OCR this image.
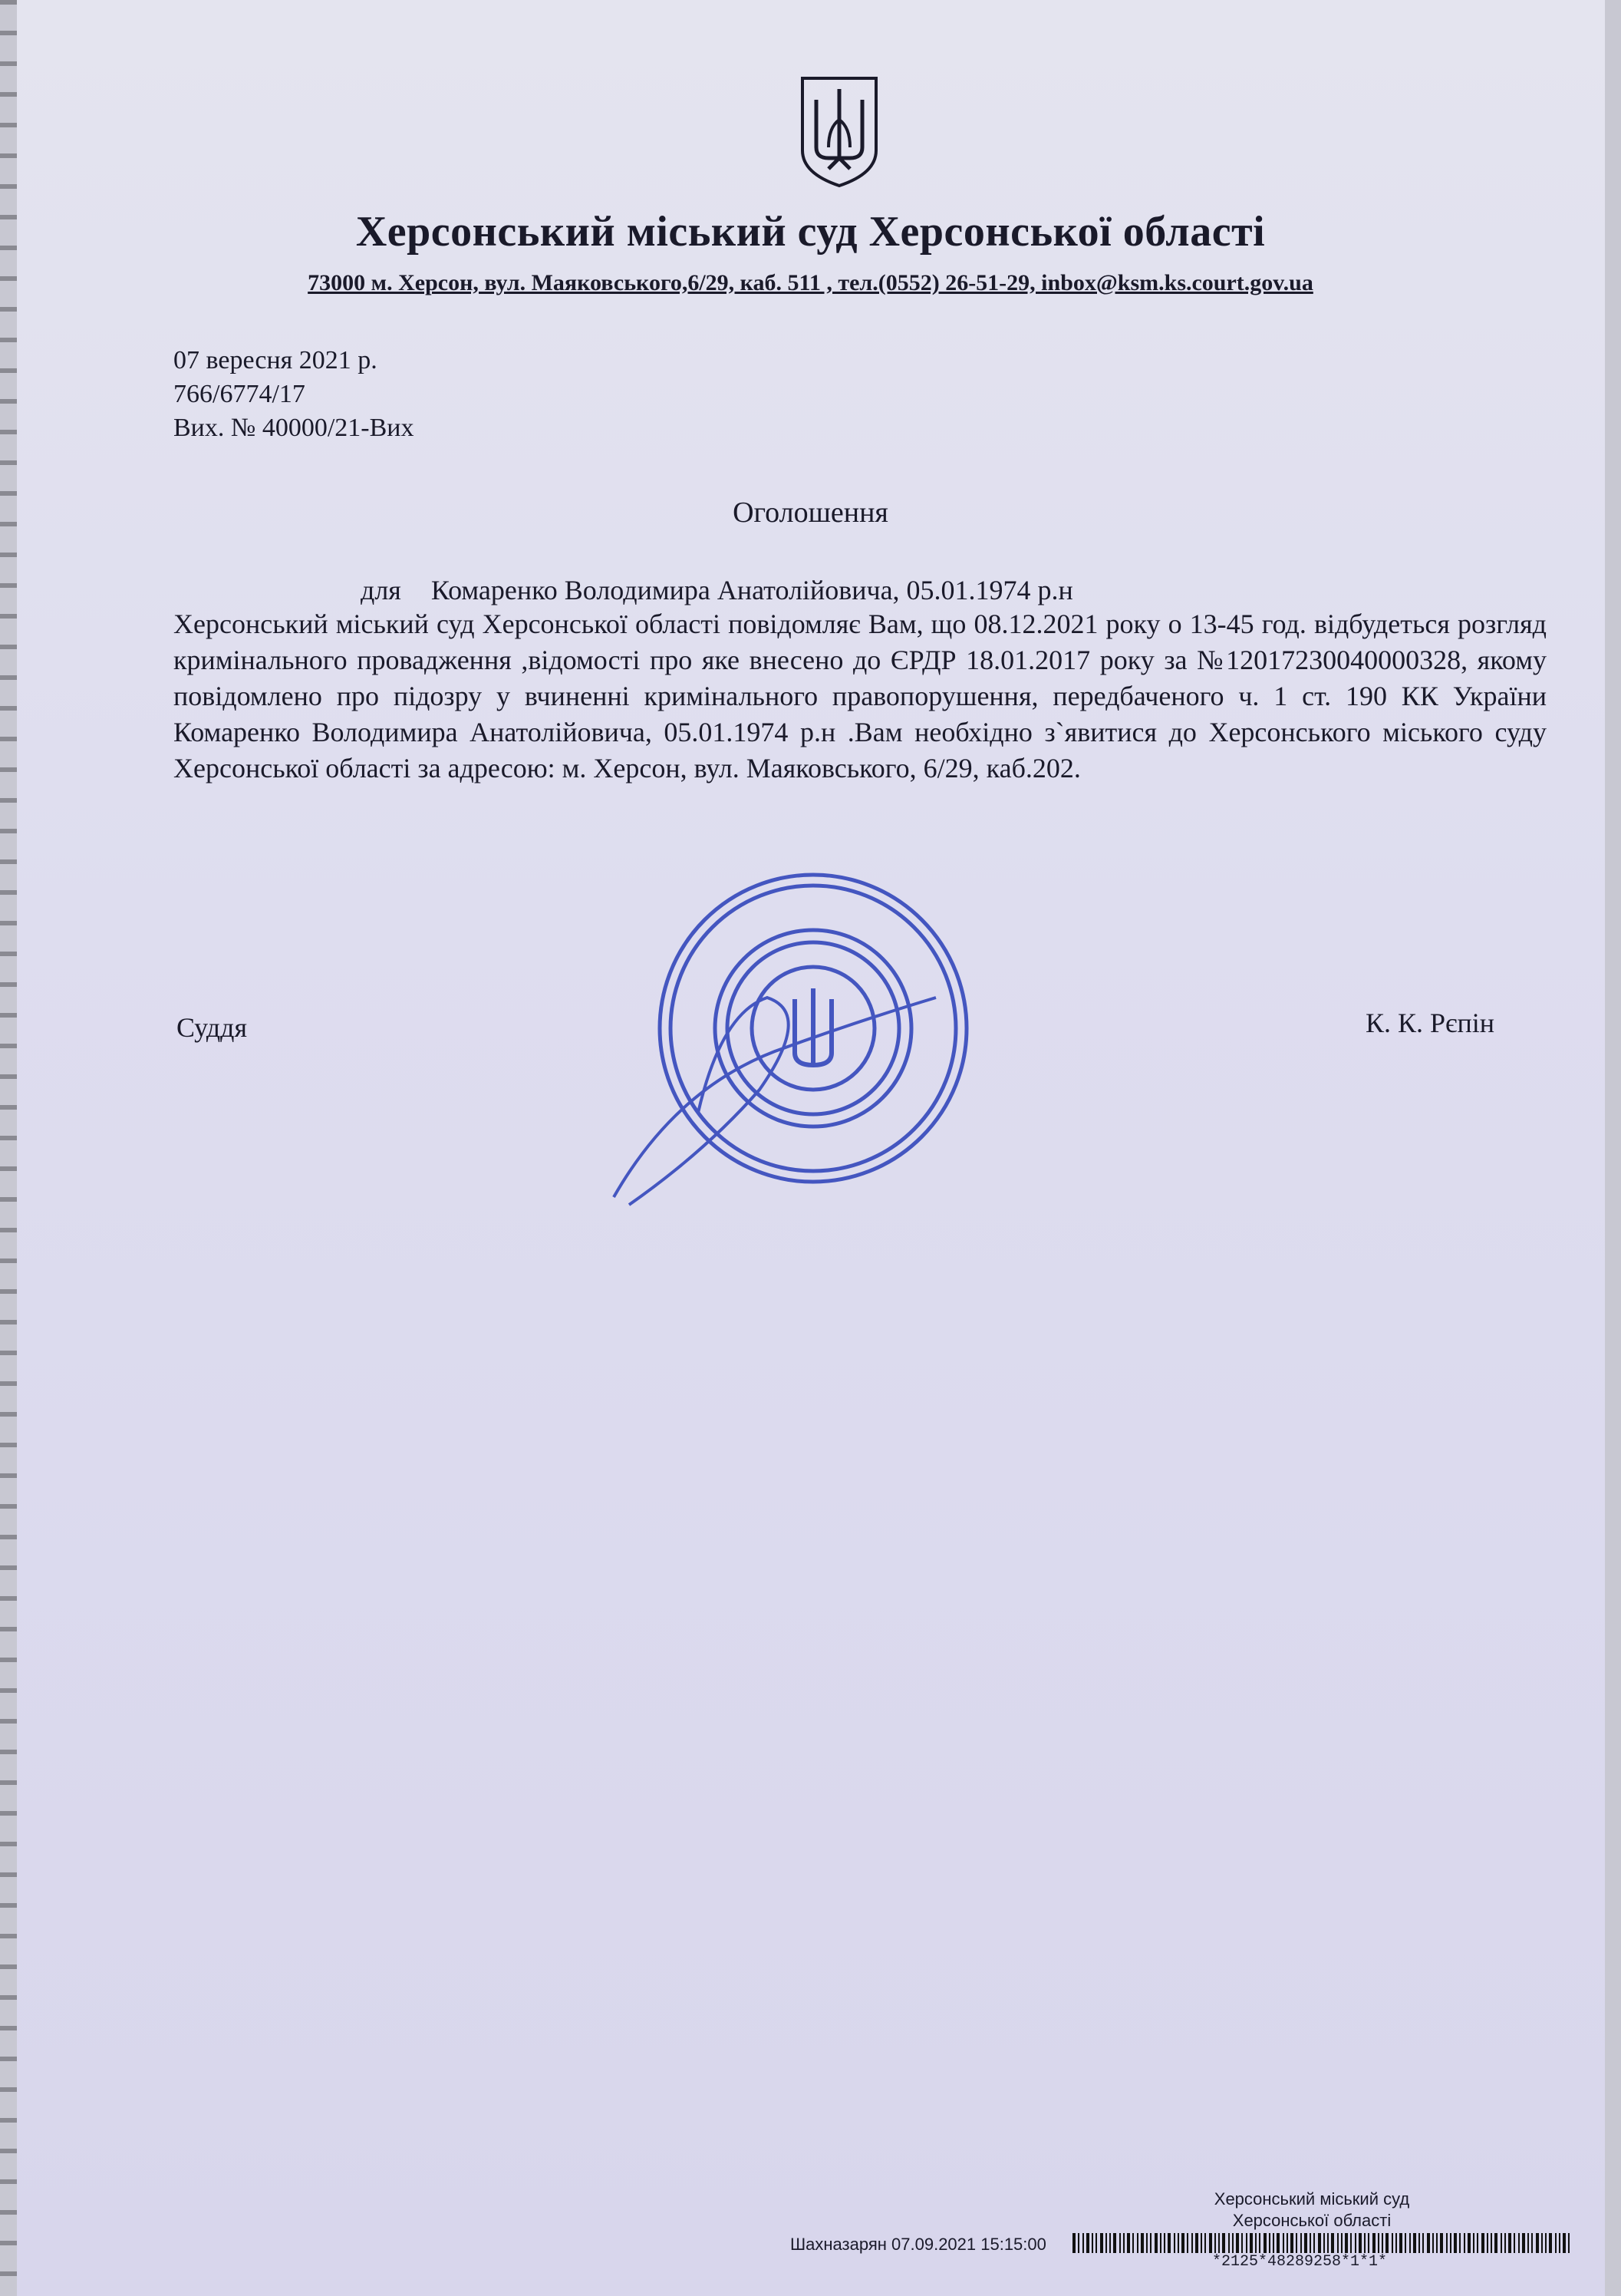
Херсонський міський суд Херсонської області
73000 м. Херсон, вул. Маяковського,6/29, каб. 511 , тел.(0552) 26-51-29, inbox@ksm.ks.court.gov.ua
07 вересня 2021 р.
766/6774/17
Вих. № 40000/21-Вих
Оголошення
для Комаренко Володимира Анатолійовича, 05.01.1974 р.н
Херсонський міський суд Херсонської області повідомляє Вам, що 08.12.2021 року о 13-45 год. відбудеться розгляд кримінального провадження ,відомості про яке внесено до ЄРДР 18.01.2017 року за №12017230040000328, якому повідомлено про підозру у вчиненні кримінального правопорушення, передбаченого ч. 1 ст. 190 КК України Комаренко Володимира Анатолійовича, 05.01.1974 р.н .Вам необхідно з`явитися до Херсонського міського суду Херсонської області за адресою: м. Херсон, вул. Маяковського, 6/29, каб.202.
Суддя	К. К. Рєпін
Херсонський міський суд
Херсонської області
Шахназарян 07.09.2021 15:15:00
*2125*48289258*1*1*
